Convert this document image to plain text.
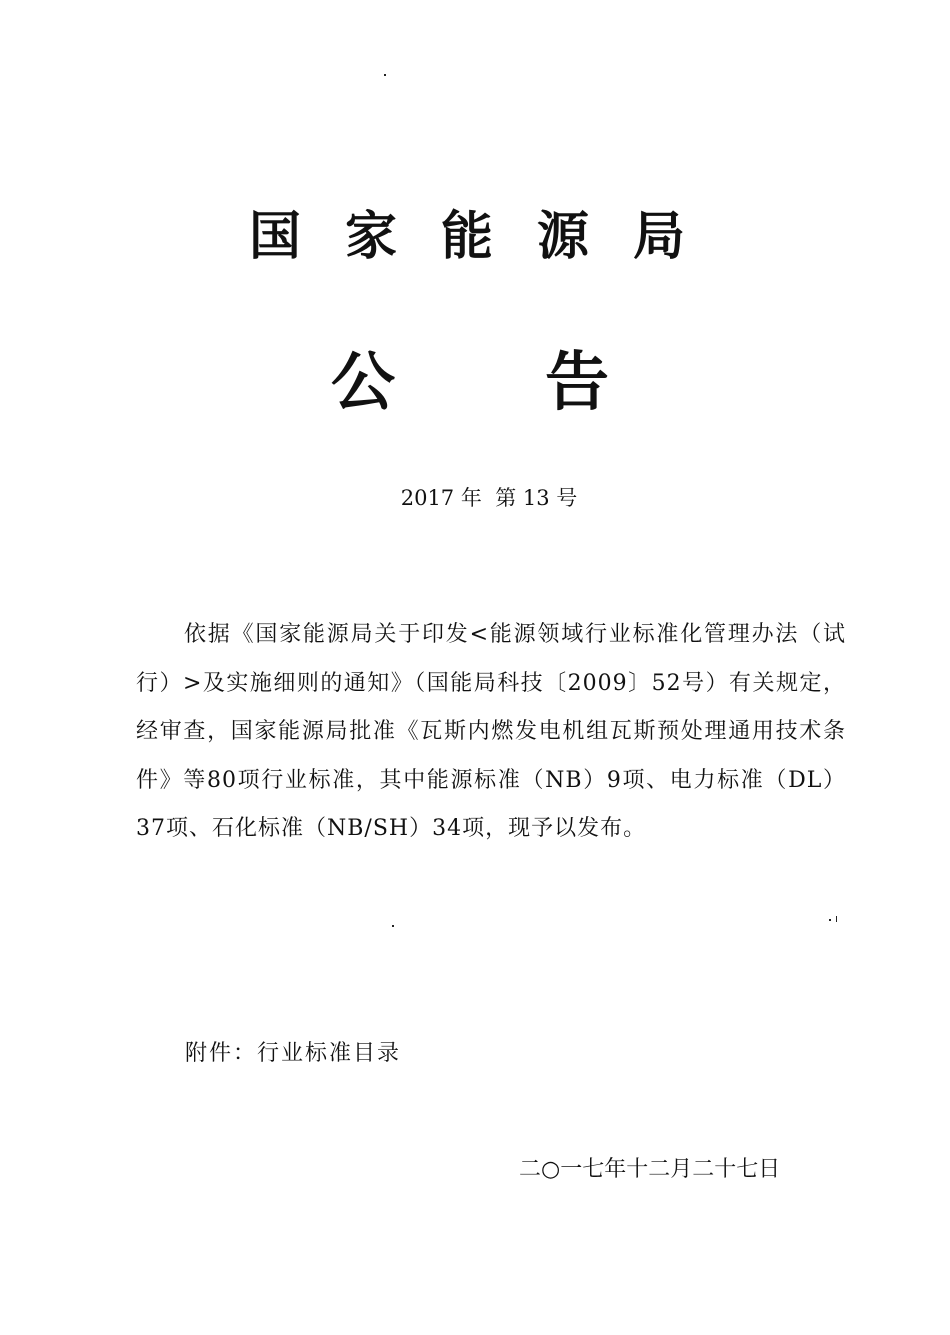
国家能源局
公告
2017 年  第 13 号
依据《国家能源局关于印发<能源领域行业标准化管理办法（试行）>及实施细则的通知》（国能局科技〔2009〕52号）有关规定，经审查，国家能源局批准《瓦斯内燃发电机组瓦斯预处理通用技术条件》等80项行业标准，其中能源标准（NB）9项、电力标准（DL）37项、石化标准（NB/SH）34项，现予以发布。
附件：行业标准目录
二○一七年十二月二十七日
